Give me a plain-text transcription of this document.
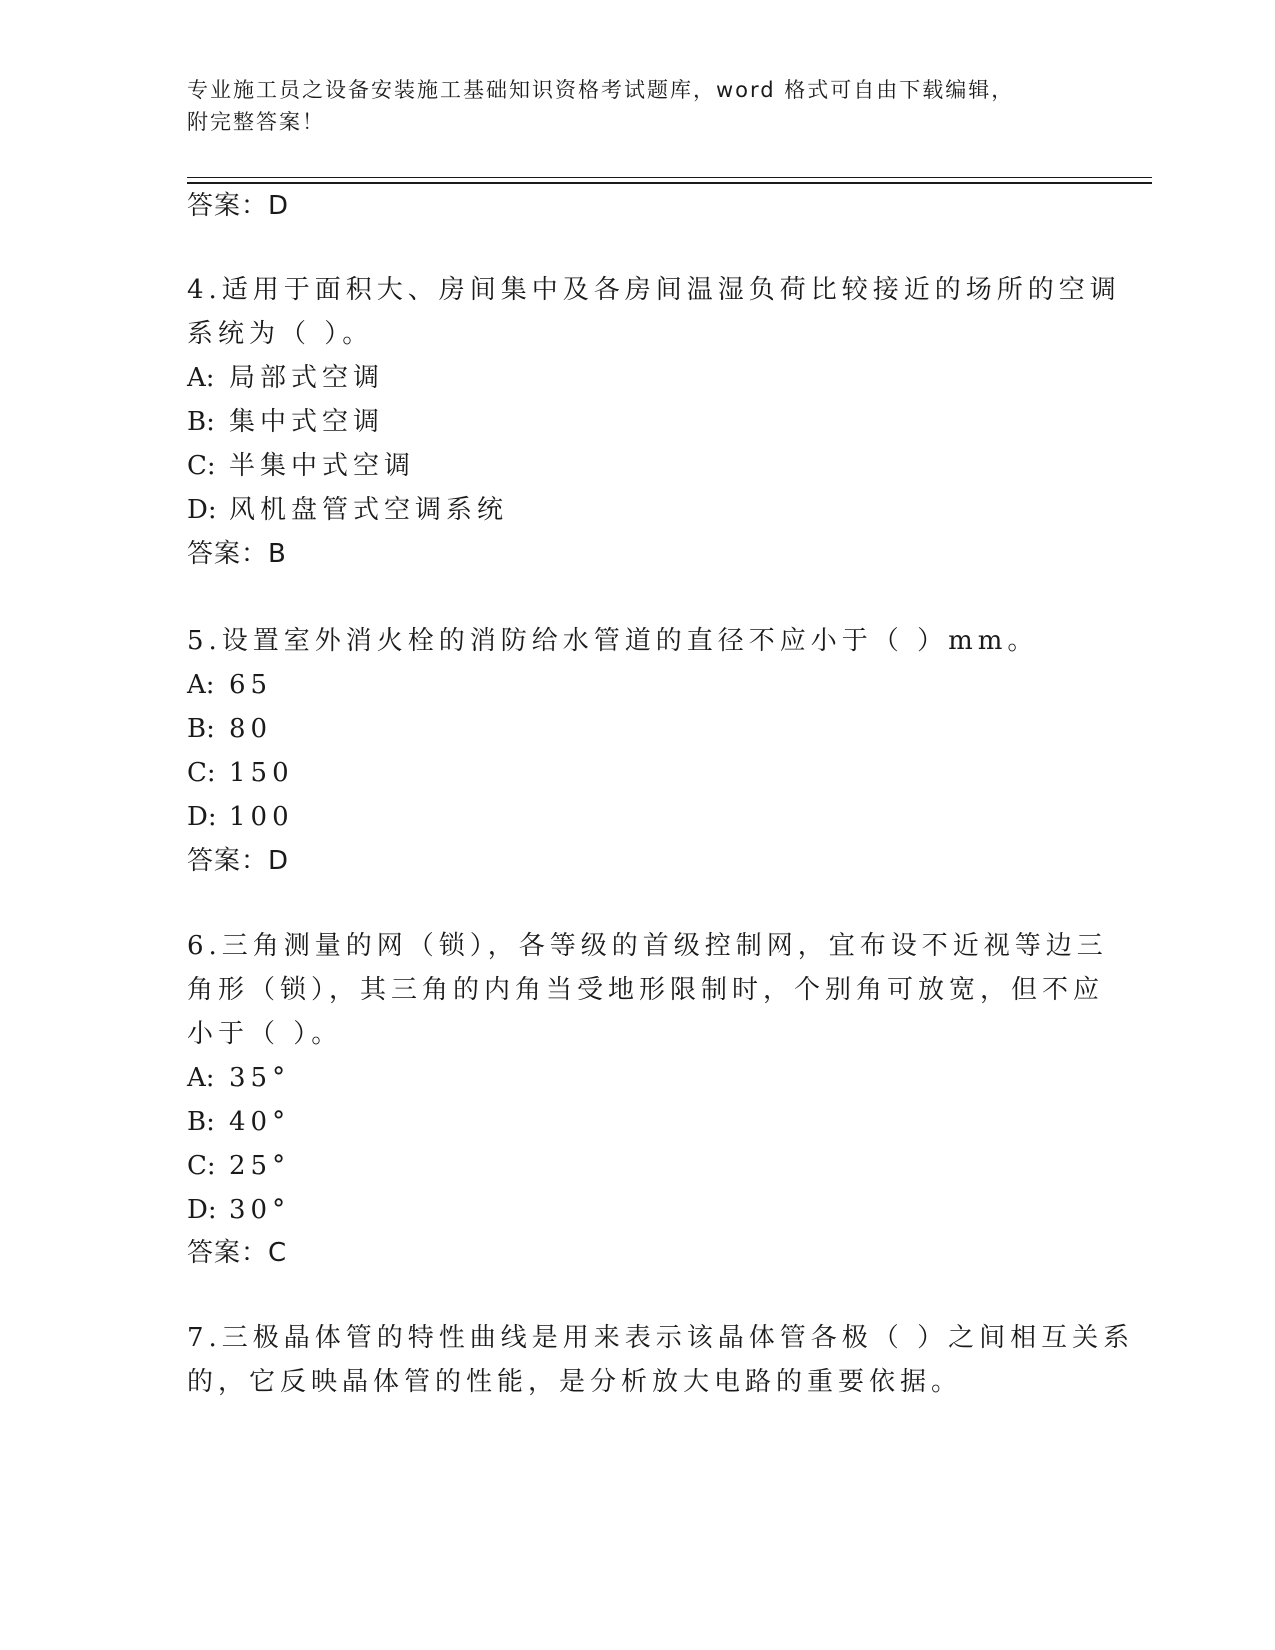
专业施工员之设备安装施工基础知识资格考试题库，word 格式可自由下载编辑，
附完整答案！
答案：D
4.适用于面积大、房间集中及各房间温湿负荷比较接近的场所的空调
系统为（ ）。
A: 局部式空调
B: 集中式空调
C: 半集中式空调
D: 风机盘管式空调系统
答案：B
5.设置室外消火栓的消防给水管道的直径不应小于（ ）mm。
A: 65
B: 80
C: 150
D: 100
答案：D
6.三角测量的网（锁），各等级的首级控制网，宜布设不近视等边三
角形（锁），其三角的内角当受地形限制时，个别角可放宽，但不应
小于（ ）。
A: 35°
B: 40°
C: 25°
D: 30°
答案：C
7.三极晶体管的特性曲线是用来表示该晶体管各极（ ）之间相互关系
的，它反映晶体管的性能，是分析放大电路的重要依据。
